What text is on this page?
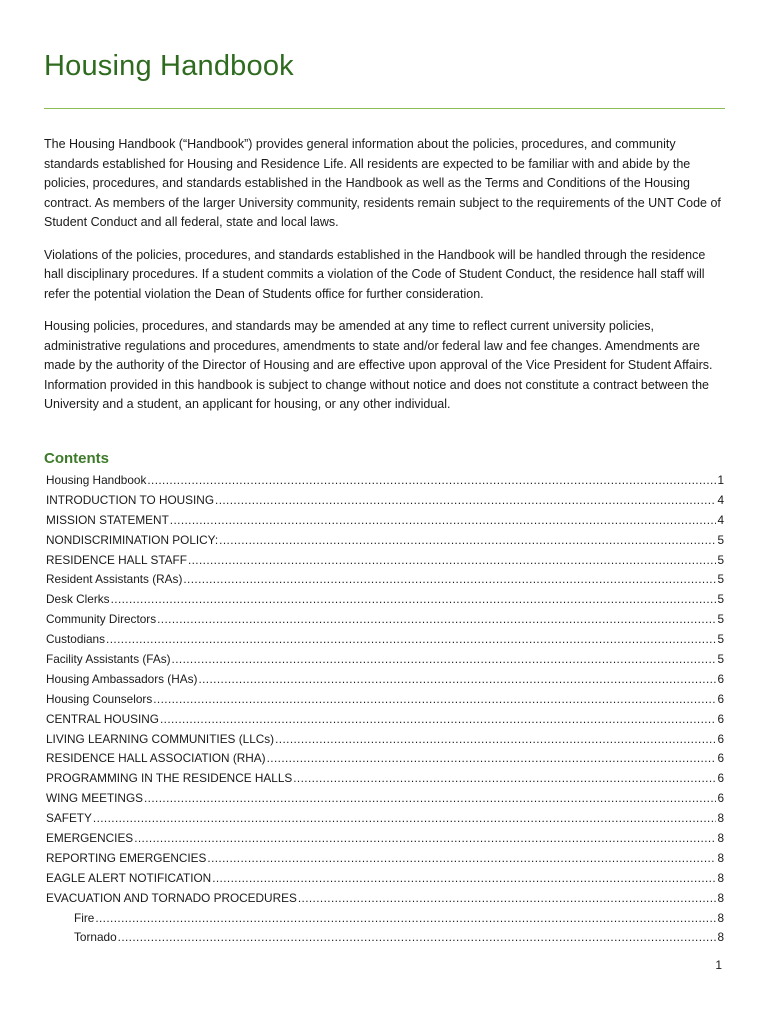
Housing Handbook

The Housing Handbook (“Handbook”) provides general information about the policies, procedures, and community standards established for Housing and Residence Life. All residents are expected to be familiar with and abide by the policies, procedures, and standards established in the Handbook as well as the Terms and Conditions of the Housing contract. As members of the larger University community, residents remain subject to the requirements of the UNT Code of Student Conduct and all federal, state and local laws.

Violations of the policies, procedures, and standards established in the Handbook will be handled through the residence hall disciplinary procedures. If a student commits a violation of the Code of Student Conduct, the residence hall staff will refer the potential violation the Dean of Students office for further consideration.

Housing policies, procedures, and standards may be amended at any time to reflect current university policies, administrative regulations and procedures, amendments to state and/or federal law and fee changes. Amendments are made by the authority of the Director of Housing and are effective upon approval of the Vice President for Student Affairs. Information provided in this handbook is subject to change without notice and does not constitute a contract between the University and a student, an applicant for housing, or any other individual.

Contents
Housing Handbook .....	1
INTRODUCTION TO HOUSING .....	4
MISSION STATEMENT .....	4
NONDISCRIMINATION POLICY: .....	5
RESIDENCE HALL STAFF .....	5
Resident Assistants (RAs) .....	5
Desk Clerks .....	5
Community Directors .....	5
Custodians .....	5
Facility Assistants (FAs) .....	5
Housing Ambassadors (HAs) .....	6
Housing Counselors .....	6
CENTRAL HOUSING .....	6
LIVING LEARNING COMMUNITIES (LLCs) .....	6
RESIDENCE HALL ASSOCIATION (RHA) .....	6
PROGRAMMING IN THE RESIDENCE HALLS .....	6
WING MEETINGS .....	6
SAFETY .....	8
EMERGENCIES .....	8
REPORTING EMERGENCIES .....	8
EAGLE ALERT NOTIFICATION .....	8
EVACUATION AND TORNADO PROCEDURES .....	8
Fire .....	8
Tornado .....	8
1
